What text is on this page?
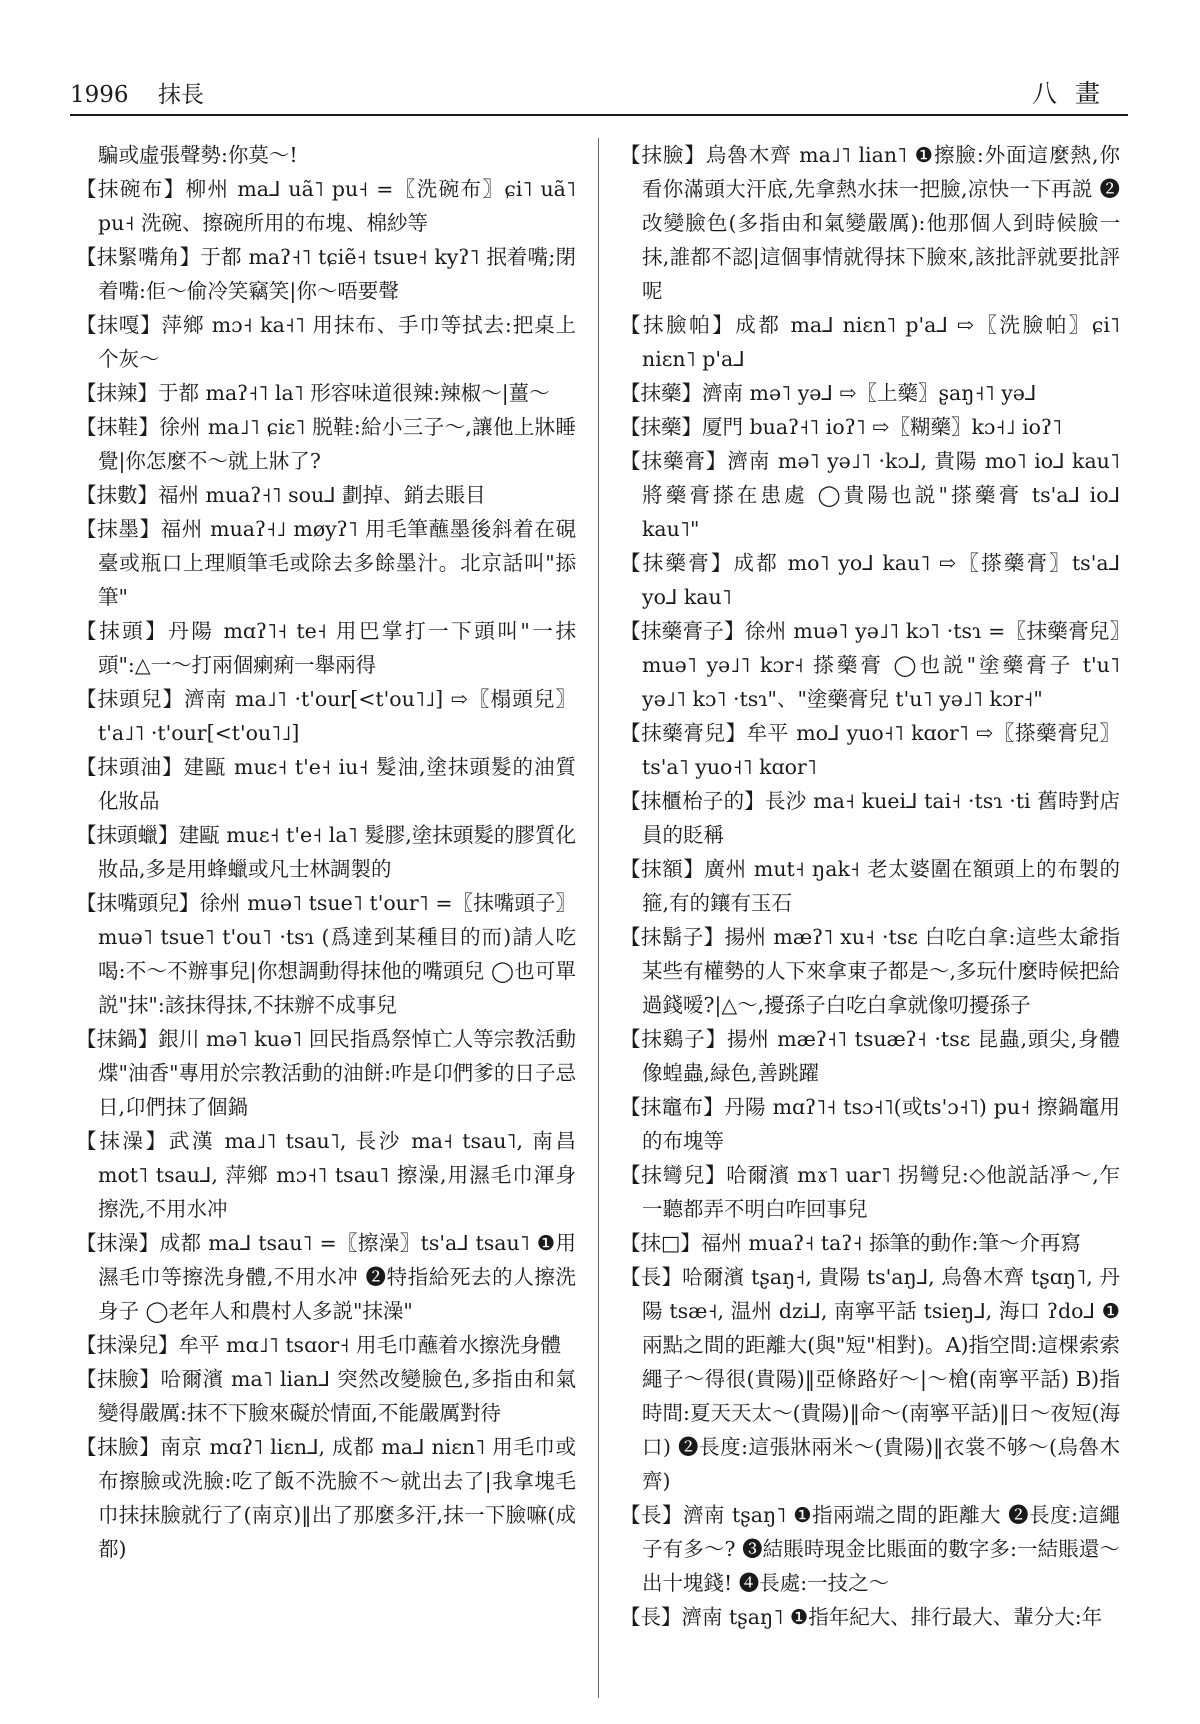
1996 抹長	八畫
騙或虛張聲勢:你莫～!
【抹碗布】柳州 ma⅃ uã˥ pu˧ =〖洗碗布〗ɕi˥ uã˥ pu˧ 洗碗、擦碗所用的布塊、棉紗等
【抹緊嘴角】于都 maʔ˧˥ tɕiẽ˧ tsuɐ˧ kyʔ˥ 抿着嘴;閉着嘴:佢～偷冷笑竊笑|你～唔要聲
【抹嘎】萍鄉 mɔ˧ ka˧˥ 用抹布、手巾等拭去:把桌上个灰～
【抹辣】于都 maʔ˧˥ la˥ 形容味道很辣:辣椒～|薑～
【抹鞋】徐州 ma˩˥ ɕiɛ˥ 脱鞋:給小三子～,讓他上牀睡覺|你怎麼不～就上牀了?
【抹數】福州 muaʔ˧˥ sou⅃ 劃掉、銷去賬目
【抹墨】福州 muaʔ˧˩ møyʔ˥ 用毛筆蘸墨後斜着在硯臺或瓶口上理順筆毛或除去多餘墨汁。北京話叫"掭筆"
【抹頭】丹陽 mɑʔ˥˧ te˧ 用巴掌打一下頭叫"一抹頭":△一～打兩個瘌痢一舉兩得
【抹頭兒】濟南 ma˩˥ ·t'our[<t'ou˥˩] ⇨〖榻頭兒〗t'a˩˥ ·t'our[<t'ou˥˩]
【抹頭油】建甌 muɛ˧ t'e˧ iu˧ 髮油,塗抹頭髮的油質化妝品
【抹頭蠟】建甌 muɛ˧ t'e˧ la˥ 髮膠,塗抹頭髮的膠質化妝品,多是用蜂蠟或凡士林調製的
【抹嘴頭兒】徐州 muə˥ tsue˥ t'our˥ =〖抹嘴頭子〗muə˥ tsue˥ t'ou˥ ·tsɿ (爲達到某種目的而)請人吃喝:不～不辦事兒|你想調動得抹他的嘴頭兒 ◯也可單説"抹":該抹得抹,不抹辦不成事兒
【抹鍋】銀川 mə˥ kuə˥ 回民指爲祭悼亡人等宗教活動煠"油香"專用於宗教活動的油餅:咋是卬們爹的日子忌日,卬們抹了個鍋
【抹澡】武漢 ma˩˥ tsau˥, 長沙 ma˧ tsau˥, 南昌 mot˥ tsau⅃, 萍鄉 mɔ˧˥ tsau˥ 擦澡,用濕毛巾渾身擦洗,不用水冲
【抹澡】成都 ma⅃ tsau˥ =〖擦澡〗ts'a⅃ tsau˥ ❶用濕毛巾等擦洗身體,不用水冲 ❷特指給死去的人擦洗身子 ◯老年人和農村人多説"抹澡"
【抹澡兒】牟平 mɑ˩˥ tsɑor˧ 用毛巾蘸着水擦洗身體
【抹臉】哈爾濱 ma˥ lian⅃ 突然改變臉色,多指由和氣變得嚴厲:抹不下臉來礙於情面,不能嚴厲對待
【抹臉】南京 mɑʔ˥ liɛn⅃, 成都 ma⅃ niɛn˥ 用毛巾或布擦臉或洗臉:吃了飯不洗臉不～就出去了|我拿塊毛巾抹抹臉就行了(南京)‖出了那麼多汗,抹一下臉嘛(成都)
【抹臉】烏魯木齊 ma˩˥ lian˥ ❶擦臉:外面這麼熱,你看你滿頭大汗底,先拿熱水抹一把臉,凉快一下再説 ❷改變臉色(多指由和氣變嚴厲):他那個人到時候臉一抹,誰都不認|這個事情就得抹下臉來,該批評就要批評呢
【抹臉帕】成都 ma⅃ niɛn˥ p'a⅃ ⇨〖洗臉帕〗ɕi˥ niɛn˥ p'a⅃
【抹藥】濟南 mə˥ yə⅃ ⇨〖上藥〗ʂaŋ˧˥ yə⅃
【抹藥】厦門 buaʔ˧˥ ioʔ˥ ⇨〖糊藥〗kɔ˧˩ ioʔ˥
【抹藥膏】濟南 mə˥ yə˩˥ ·kɔ⅃, 貴陽 mo˥ io⅃ kau˥ 將藥膏搽在患處 ◯貴陽也説"搽藥膏 ts'a⅃ io⅃ kau˥"
【抹藥膏】成都 mo˥ yo⅃ kau˥ ⇨〖搽藥膏〗ts'a⅃ yo⅃ kau˥
【抹藥膏子】徐州 muə˥ yə˩˥ kɔ˥ ·tsɿ =〖抹藥膏兒〗muə˥ yə˩˥ kɔr˧ 搽藥膏 ◯也説"塗藥膏子 t'u˥ yə˩˥ kɔ˥ ·tsɿ"、"塗藥膏兒 t'u˥ yə˩˥ kɔr˧"
【抹藥膏兒】牟平 mo⅃ yuo˧˥ kɑor˥ ⇨〖搽藥膏兒〗ts'a˥ yuo˧˥ kɑor˥
【抹櫃枱子的】長沙 ma˧ kuei⅃ tai˧ ·tsɿ ·ti 舊時對店員的貶稱
【抹額】廣州 mut˧ ŋak˧ 老太婆圍在額頭上的布製的箍,有的鑲有玉石
【抹鬍子】揚州 mæʔ˥ xu˧ ·tsɛ 白吃白拿:這些太爺指某些有權勢的人下來拿東子都是～,多玩什麼時候把給過錢嗳?|△～,擾孫子白吃白拿就像叨擾孫子
【抹鷄子】揚州 mæʔ˧˥ tsuæʔ˧ ·tsɛ 昆蟲,頭尖,身體像蝗蟲,緑色,善跳躍
【抹竈布】丹陽 mɑʔ˥˧ tsɔ˧˥(或ts'ɔ˧˥) pu˧ 擦鍋竈用的布塊等
【抹彎兒】哈爾濱 mɤ˥ uar˥ 拐彎兒:◇他説話凈～,乍一聽都弄不明白咋回事兒
【抹□】福州 muaʔ˧ taʔ˧ 掭筆的動作:筆～介再寫
【長】哈爾濱 tʂaŋ˧, 貴陽 ts'aŋ⅃, 烏魯木齊 tʂɑŋ˥, 丹陽 tsæ˧, 温州 dzi⅃, 南寧平話 tsieŋ⅃, 海口 ʔdo⅃ ❶兩點之間的距離大(與"短"相對)。A)指空間:這棵索索繩子～得很(貴陽)‖亞條路好～|～槍(南寧平話) B)指時間:夏天天太～(貴陽)‖命～(南寧平話)‖日～夜短(海口) ❷長度:這張牀兩米～(貴陽)‖衣裳不够～(烏魯木齊)
【長】濟南 tʂaŋ˥ ❶指兩端之間的距離大 ❷長度:這繩子有多～? ❸結賬時現金比賬面的數字多:一結賬還～出十塊錢! ❹長處:一技之～
【長】濟南 tʂaŋ˥ ❶指年紀大、排行最大、輩分大:年
